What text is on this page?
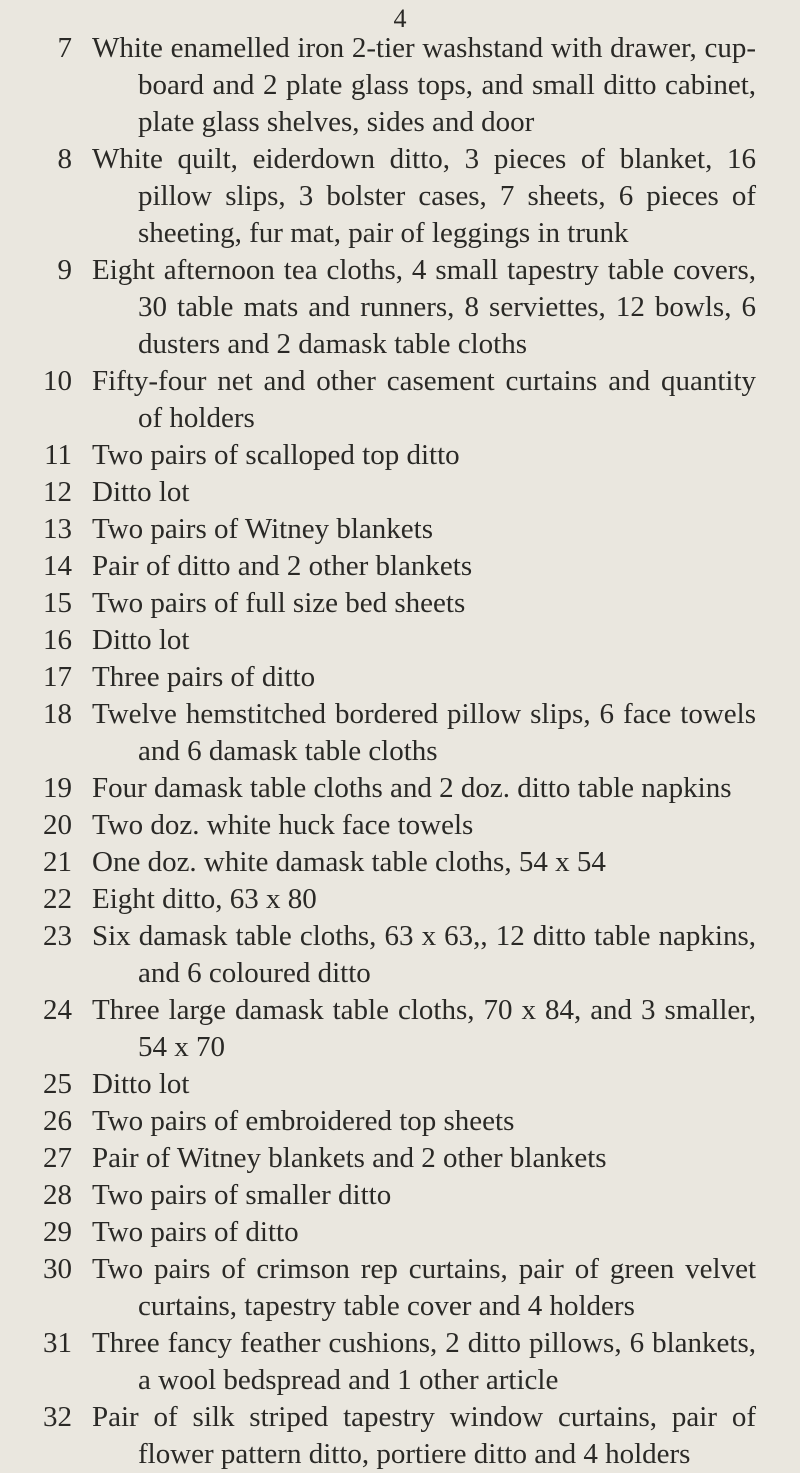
4
7 White enamelled iron 2-tier washstand with drawer, cup-board and 2 plate glass tops, and small ditto cabinet, plate glass shelves, sides and door
8 White quilt, eiderdown ditto, 3 pieces of blanket, 16 pillow slips, 3 bolster cases, 7 sheets, 6 pieces of sheeting, fur mat, pair of leggings in trunk
9 Eight afternoon tea cloths, 4 small tapestry table covers, 30 table mats and runners, 8 serviettes, 12 bowls, 6 dusters and 2 damask table cloths
10 Fifty-four net and other casement curtains and quantity of holders
11 Two pairs of scalloped top ditto
12 Ditto lot
13 Two pairs of Witney blankets
14 Pair of ditto and 2 other blankets
15 Two pairs of full size bed sheets
16 Ditto lot
17 Three pairs of ditto
18 Twelve hemstitched bordered pillow slips, 6 face towels and 6 damask table cloths
19 Four damask table cloths and 2 doz. ditto table napkins
20 Two doz. white huck face towels
21 One doz. white damask table cloths, 54 x 54
22 Eight ditto, 63 x 80
23 Six damask table cloths, 63 x 63,, 12 ditto table napkins, and 6 coloured ditto
24 Three large damask table cloths, 70 x 84, and 3 smaller, 54 x 70
25 Ditto lot
26 Two pairs of embroidered top sheets
27 Pair of Witney blankets and 2 other blankets
28 Two pairs of smaller ditto
29 Two pairs of ditto
30 Two pairs of crimson rep curtains, pair of green velvet curtains, tapestry table cover and 4 holders
31 Three fancy feather cushions, 2 ditto pillows, 6 blankets, a wool bedspread and 1 other article
32 Pair of silk striped tapestry window curtains, pair of flower pattern ditto, portiere ditto and 4 holders
